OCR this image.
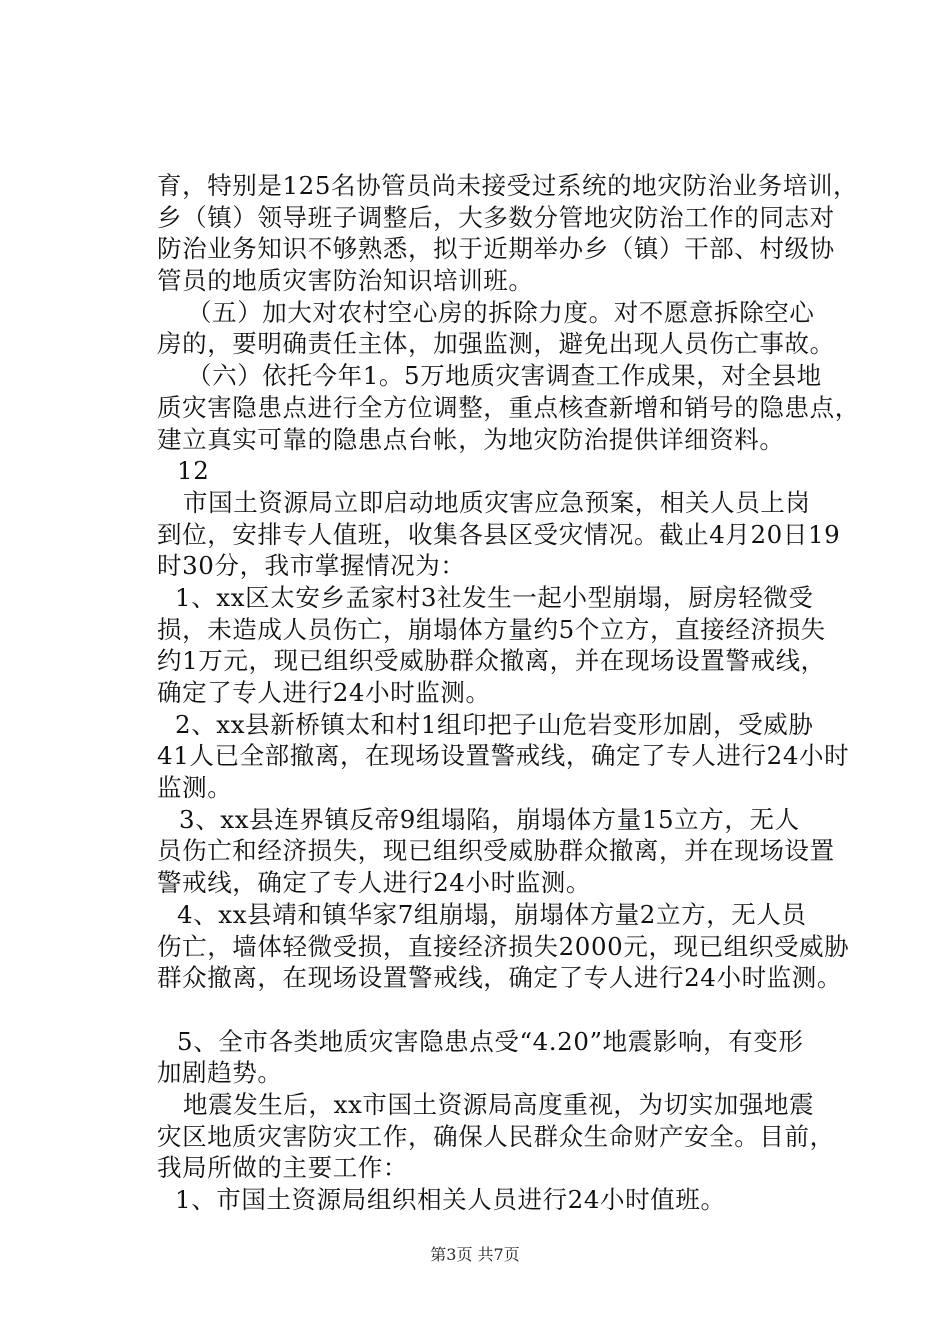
育，特别是125名协管员尚未接受过系统的地灾防治业务培训，
乡（镇）领导班子调整后，大多数分管地灾防治工作的同志对
防治业务知识不够熟悉，拟于近期举办乡（镇）干部、村级协
管员的地质灾害防治知识培训班。
（五）加大对农村空心房的拆除力度。对不愿意拆除空心
房的，要明确责任主体，加强监测，避免出现人员伤亡事故。
（六）依托今年1。5万地质灾害调查工作成果，对全县地
质灾害隐患点进行全方位调整，重点核查新增和销号的隐患点，
建立真实可靠的隐患点台帐，为地灾防治提供详细资料。
12
市国土资源局立即启动地质灾害应急预案，相关人员上岗
到位，安排专人值班，收集各县区受灾情况。截止4月20日19
时30分，我市掌握情况为：
1、xx区太安乡孟家村3社发生一起小型崩塌，厨房轻微受
损，未造成人员伤亡，崩塌体方量约5个立方，直接经济损失
约1万元，现已组织受威胁群众撤离，并在现场设置警戒线，
确定了专人进行24小时监测。
2、xx县新桥镇太和村1组印把子山危岩变形加剧，受威胁
41人已全部撤离，在现场设置警戒线，确定了专人进行24小时
监测。
3、xx县连界镇反帝9组塌陷，崩塌体方量15立方，无人
员伤亡和经济损失，现已组织受威胁群众撤离，并在现场设置
警戒线，确定了专人进行24小时监测。
4、xx县靖和镇华家7组崩塌，崩塌体方量2立方，无人员
伤亡，墙体轻微受损，直接经济损失2000元，现已组织受威胁
群众撤离，在现场设置警戒线，确定了专人进行24小时监测。
5、全市各类地质灾害隐患点受“4.20”地震影响，有变形
加剧趋势。
地震发生后，xx市国土资源局高度重视，为切实加强地震
灾区地质灾害防灾工作，确保人民群众生命财产安全。目前，
我局所做的主要工作：
1、市国土资源局组织相关人员进行24小时值班。
第3页 共7页
